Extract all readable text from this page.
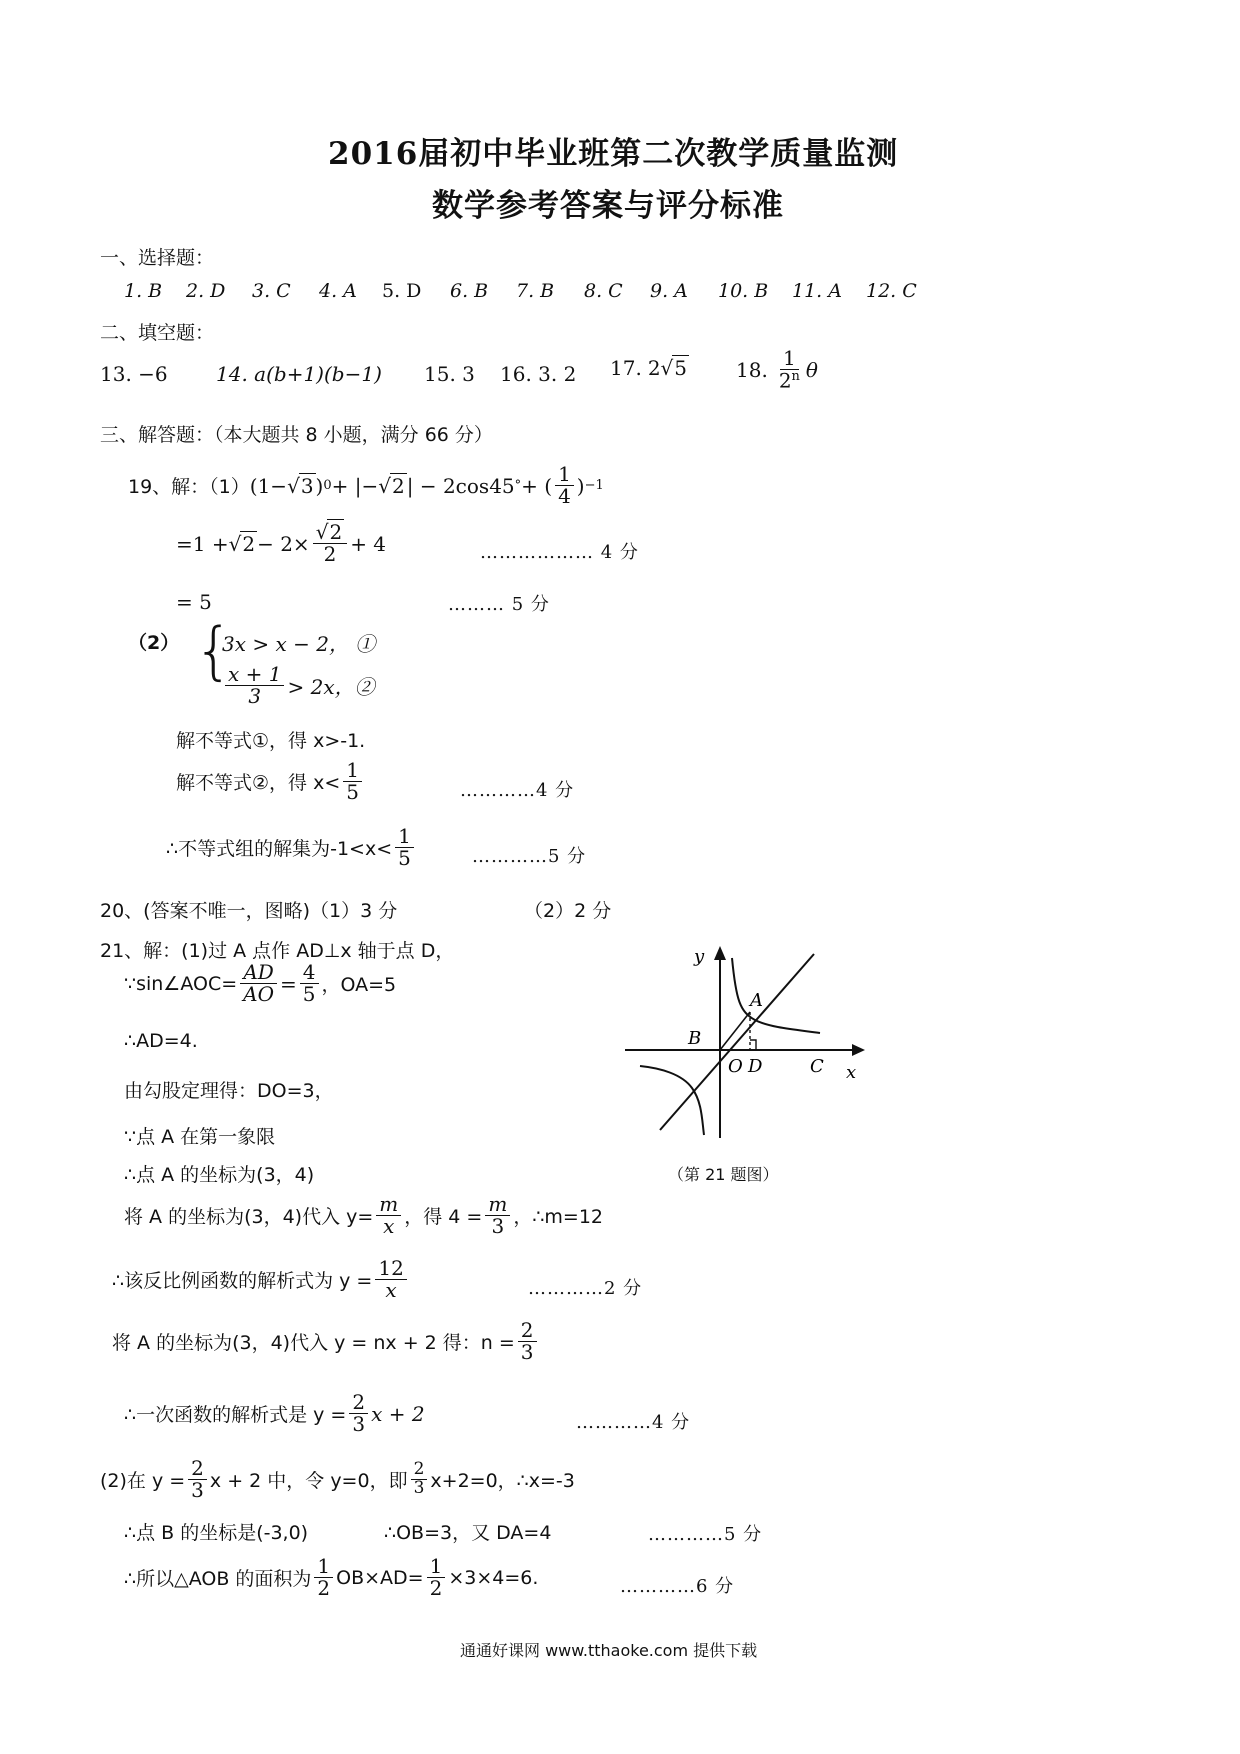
2016届初中毕业班第二次教学质量监测
数学参考答案与评分标准
一、选择题：
1. B 2. D 3. C 4. A 5. D 6. B 7. B 8. C 9. A 10. B 11. A 12. C
二、填空题：
13. −6 14. a(b+1)(b−1) 15. 3 16. 3. 2 17. 2 √5 18. $\frac{1}{2^n}$ θ
三、解答题：（本大题共 8 小题，满分 66 分）
19、解：（1） (1− √3 ) 0 + |− √2 | − 2cos45 ° + ( $\frac{1}{4}$ ) −1
$=1 + √2 - 2\times \frac{√2}{2} + 4$	……………… 4 分
= 5	……… 5 分
（2） {
3x > x − 2， ①
$\frac{x + 1}{3} > 2x$，②
解不等式①，得 x>-1.
解不等式②，得 $x< \frac{1}{5}$	…………4 分
∴不等式组的解集为$-1<x< \frac{1}{5}$	…………5 分
20、(答案不唯一，图略)（1）3 分	（2）2 分
21、解：(1)过 A 点作 AD⊥x 轴于点 D，
∵sin∠AOC= $\frac{AD}{AO} = \frac{4}{5}$ ，OA=5
∴AD=4.
由勾股定理得：DO=3，
∵点 A 在第一象限
∴点 A 的坐标为(3，4)
将 A 的坐标为(3，4)代入 $y= \frac{m}{x}$ ，得 $4 = \frac{m}{3}$ ，∴m=12
∴该反比例函数的解析式为 $y = \frac{12}{x}$	…………2 分
将 A 的坐标为(3，4)代入 y = nx + 2 得：$n = \frac{2}{3}$
∴一次函数的解析式是 $y = \frac{2}{3}$ x + 2	…………4 分
(2)在 $y = \frac{2}{3}$ x + 2 中，令 y=0，即 $\frac{2}{3} x+2=0$，∴x=-3
∴点 B 的坐标是(-3,0)	∴OB=3，又 DA=4	…………5 分
∴所以△AOB 的面积为 $\frac{1}{2} OB\times AD= \frac{1}{2} \times 3\times 4=6$.	…………6 分
y
A
B
O D	C x
（第 21 题图）
通通好课网 www.tthaoke.com 提供下载
